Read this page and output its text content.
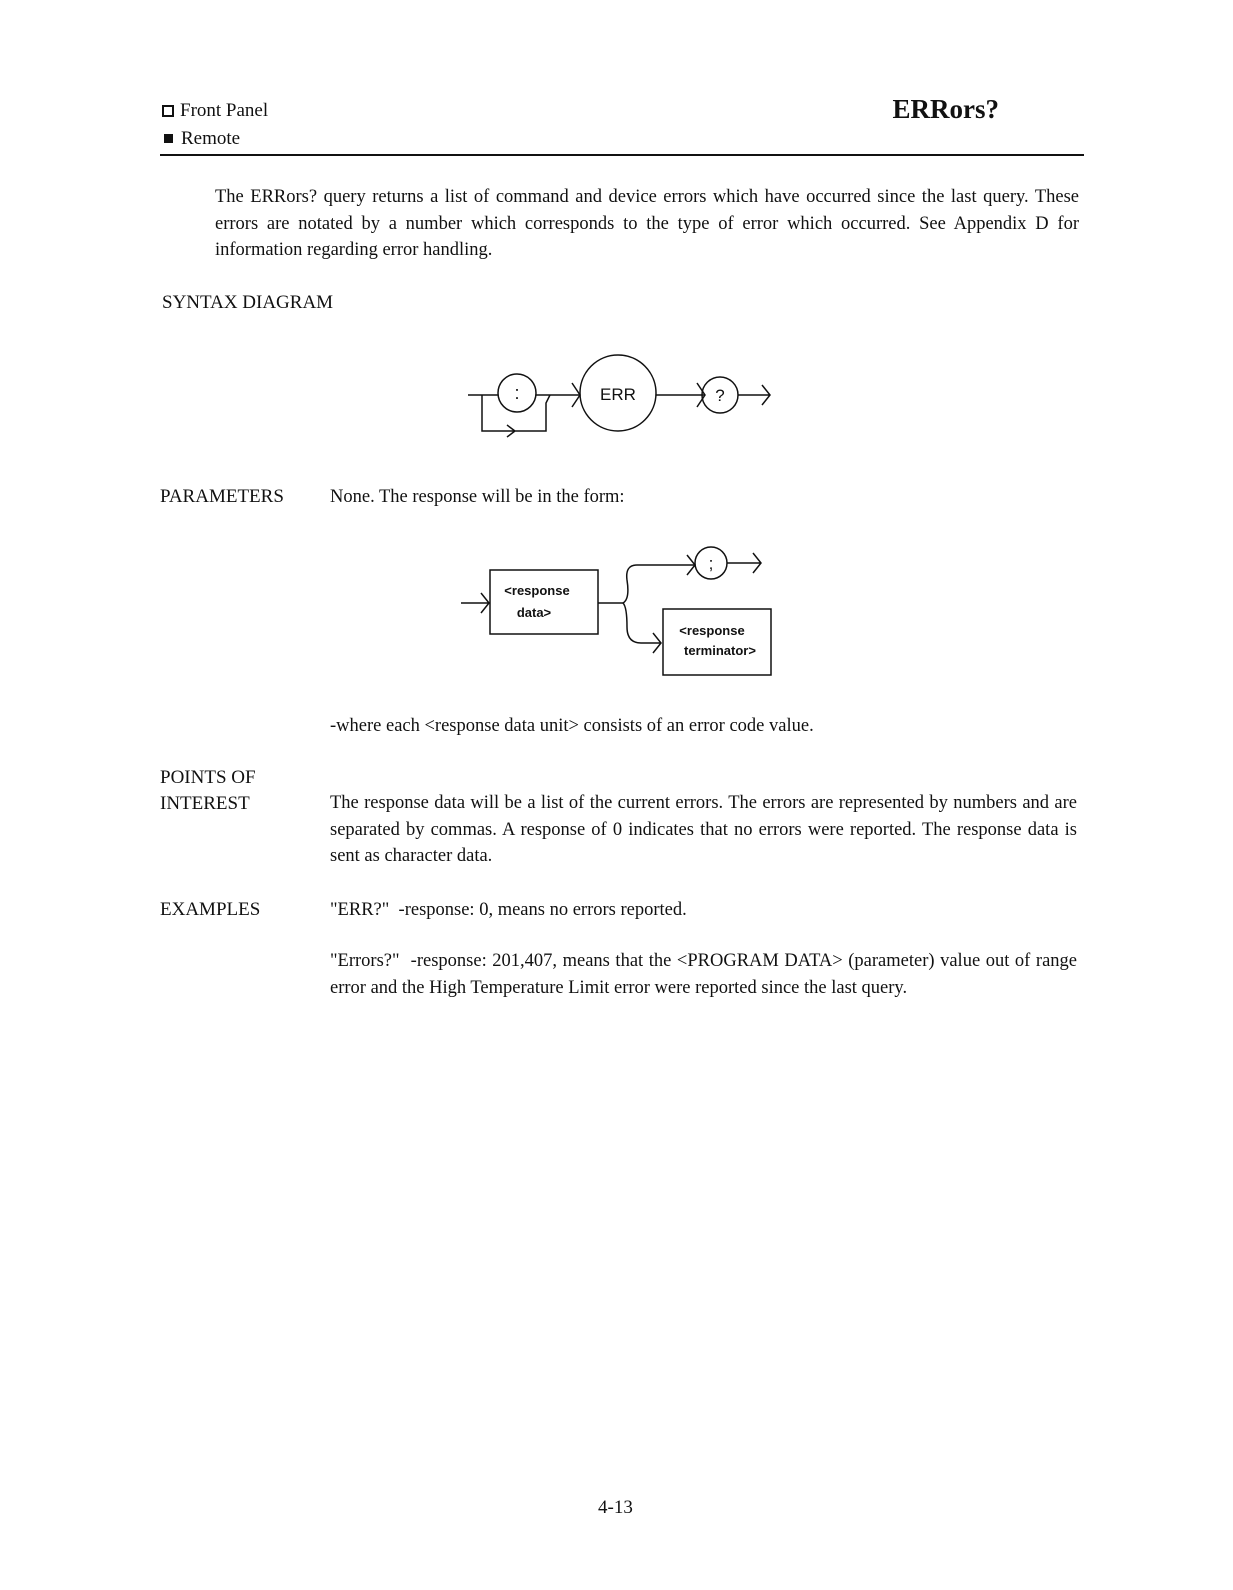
Front Panel
Remote
ERRors?
The ERRors? query returns a list of command and device errors which have occurred since the last query. These errors are notated by a number which corresponds to the type of error which occurred. See Appendix D for information regarding error handling.
SYNTAX DIAGRAM
:	ERR	?
PARAMETERS None. The response will be in the form:
<response
data>
;
<response
terminator>
-where each <response data unit> consists of an error code value.
POINTS OF
INTEREST	The response data will be a list of the current errors. The errors are represented by numbers and are separated by commas. A response of 0 indicates that no errors were reported. The response data is sent as character data.
EXAMPLES	"ERR?"  -response: 0, means no errors reported.
"Errors?"  -response: 201,407, means that the <PROGRAM DATA> (parameter) value out of range error and the High Temperature Limit error were reported since the last query.
4-13
